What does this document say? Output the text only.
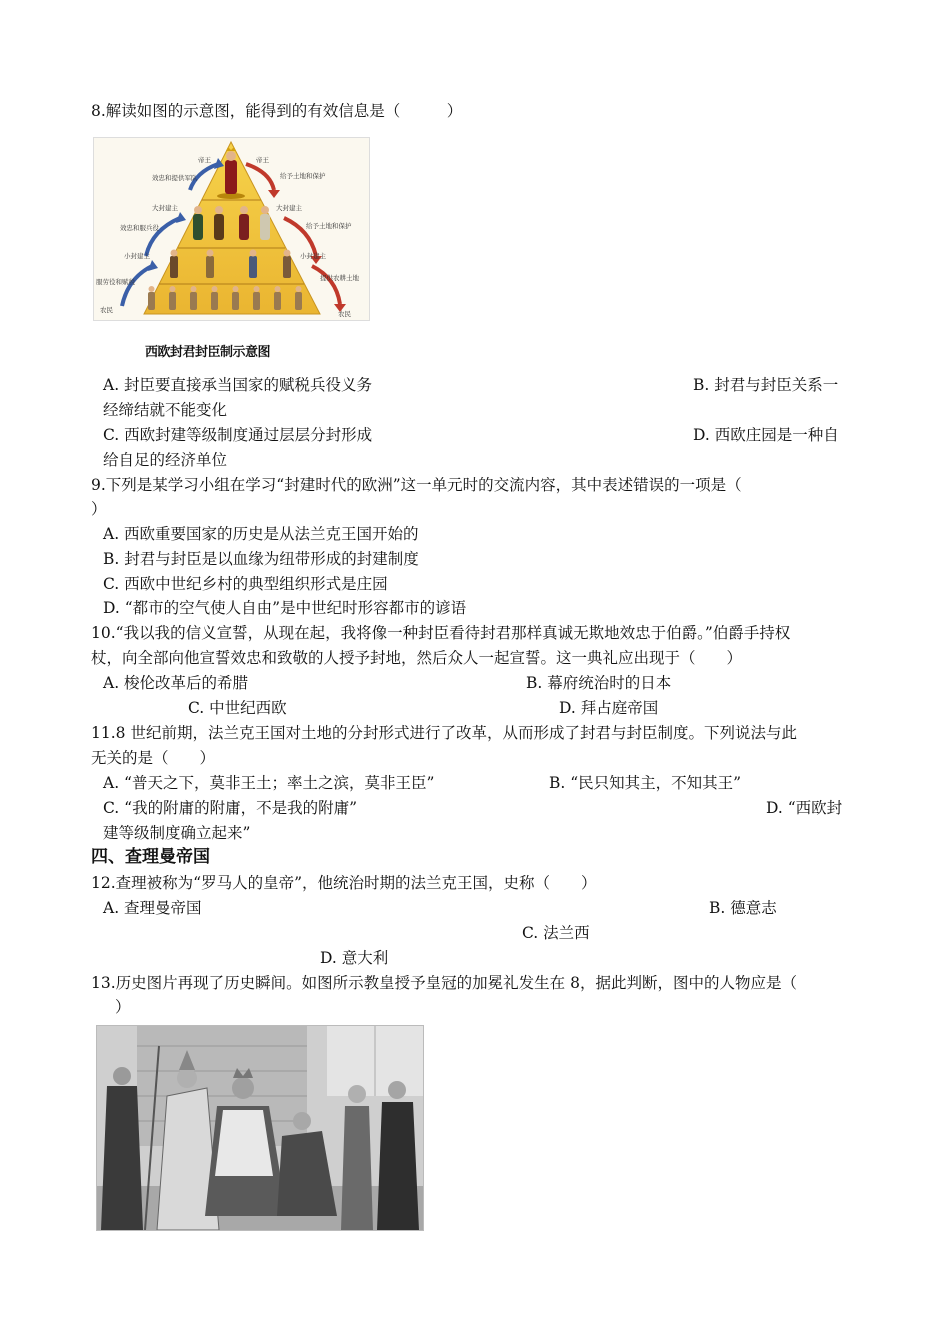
8.解读如图的示意图，能得到的有效信息是（　　　）
帝王	帝王
大封建主	大封建主
小封建主	小封建主
农民	农民
效忠和提供军队
效忠和服兵役
服劳役和赋税
给予土地和保护
给予土地和保护
提供农耕土地
西欧封君封臣制示意图
A. 封臣要直接承当国家的赋税兵役义务	B. 封君与封臣关系一
经缔结就不能变化
C. 西欧封建等级制度通过层层分封形成	D. 西欧庄园是一种自
给自足的经济单位
9.下列是某学习小组在学习“封建时代的欧洲”这一单元时的交流内容，其中表述错误的一项是（
）
A. 西欧重要国家的历史是从法兰克王国开始的
B. 封君与封臣是以血缘为纽带形成的封建制度
C. 西欧中世纪乡村的典型组织形式是庄园
D. “都市的空气使人自由”是中世纪时形容都市的谚语
10.“我以我的信义宣誓，从现在起，我将像一种封臣看待封君那样真诚无欺地效忠于伯爵。”伯爵手持权
杖，向全部向他宣誓效忠和致敬的人授予封地，然后众人一起宣誓。这一典礼应出现于（　　）
A. 梭伦改革后的希腊	B. 幕府统治时的日本
C. 中世纪西欧	D. 拜占庭帝国
11.8 世纪前期，法兰克王国对土地的分封形式进行了改革，从而形成了封君与封臣制度。下列说法与此
无关的是（　　）
A. “普天之下，莫非王土；率土之滨，莫非王臣”	B. “民只知其主，不知其王”
C. “我的附庸的附庸，不是我的附庸”	D. “西欧封
建等级制度确立起来”
四、查理曼帝国
12.查理被称为“罗马人的皇帝”，他统治时期的法兰克王国，史称（　　）
A. 查理曼帝国	B. 德意志
C. 法兰西
D. 意大利
13.历史图片再现了历史瞬间。如图所示教皇授予皇冠的加冕礼发生在 8，据此判断，图中的人物应是（
）
